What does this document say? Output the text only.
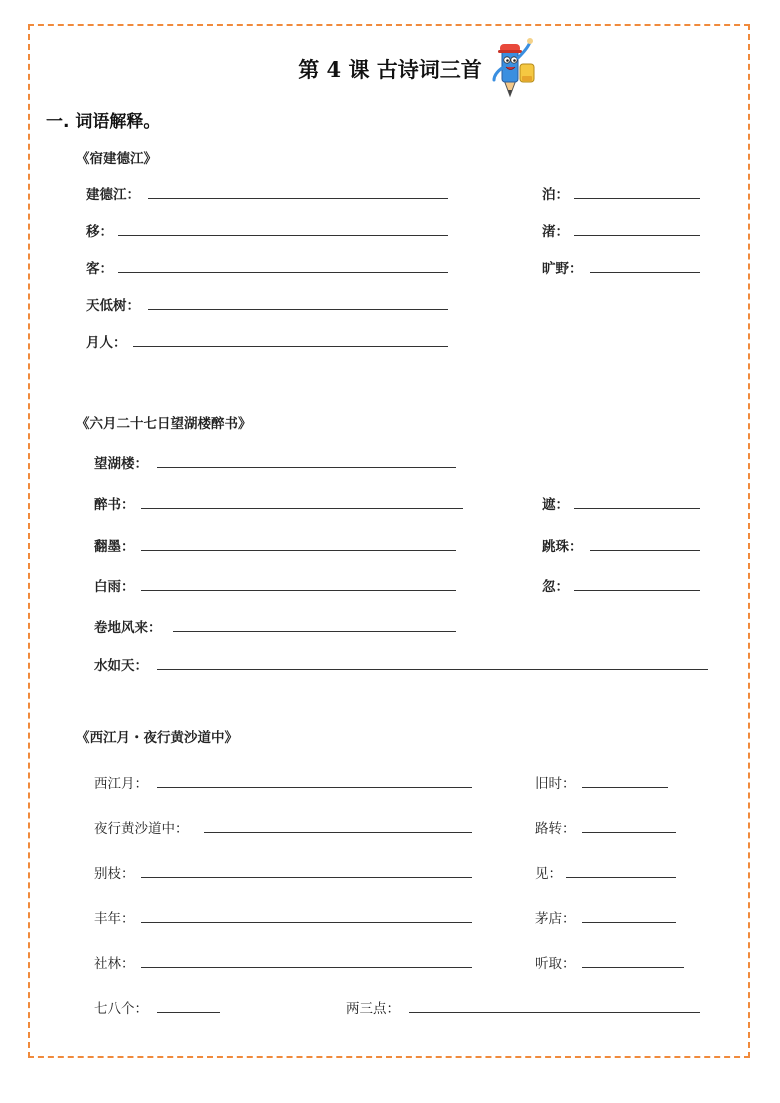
第 4 课 古诗词三首
一. 词语解释。
《宿建德江》
建德江：	泊：
移：	渚：
客：	旷野：
天低树：
月人：
《六月二十七日望湖楼醉书》
望湖楼：
醉书：	遮：
翻墨：	跳珠：
白雨：	忽：
卷地风来：
水如天：
《西江月・夜行黄沙道中》
西江月：	旧时：
夜行黄沙道中：	路转：
别枝：	见：
丰年：	茅店：
社林：	听取：
七八个：	两三点：
